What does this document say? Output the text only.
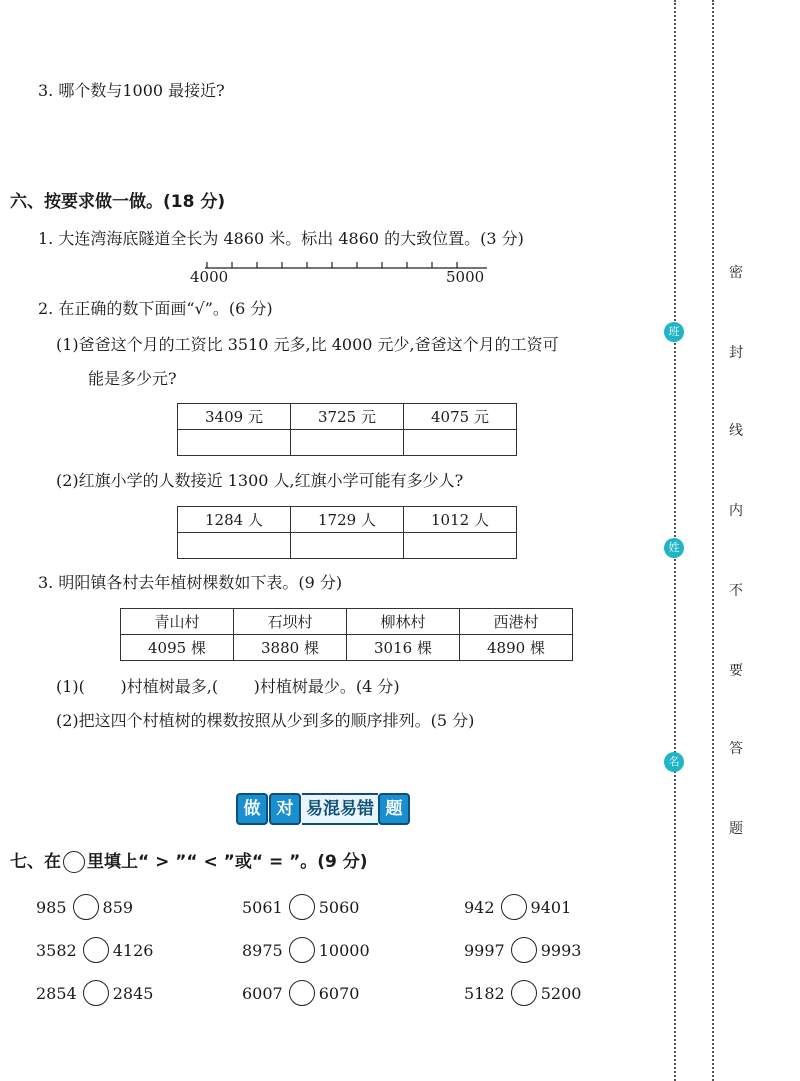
3. 哪个数与1000 最接近?
六、按要求做一做。(18 分)
1. 大连湾海底隧道全长为 4860 米。标出 4860 的大致位置。(3 分)
4000	5000
2. 在正确的数下面画“√”。(6 分)
(1)爸爸这个月的工资比 3510 元多,比 4000 元少,爸爸这个月的工资可
能是多少元?
3409 元	3725 元	4075 元

(2)红旗小学的人数接近 1300 人,红旗小学可能有多少人?
1284 人	1729 人	1012 人

3. 明阳镇各村去年植树棵数如下表。(9 分)
青山村	石坝村	柳林村	西港村
4095 棵	3880 棵	3016 棵	4890 棵
(1)(       )村植树最多,(       )村植树最少。(4 分)
(2)把这四个村植树的棵数按照从少到多的顺序排列。(5 分)
做 对 易混易错 题
七、在 里填上“ > ”“ < ”或“ = ”。(9 分)
985 859	5061 5060	942 9401
3582 4126	8975 10000	9997 9993
2854 2845	6007 6070	5182 5200
班
姓
名
密
封
线
内
不
要
答
题
